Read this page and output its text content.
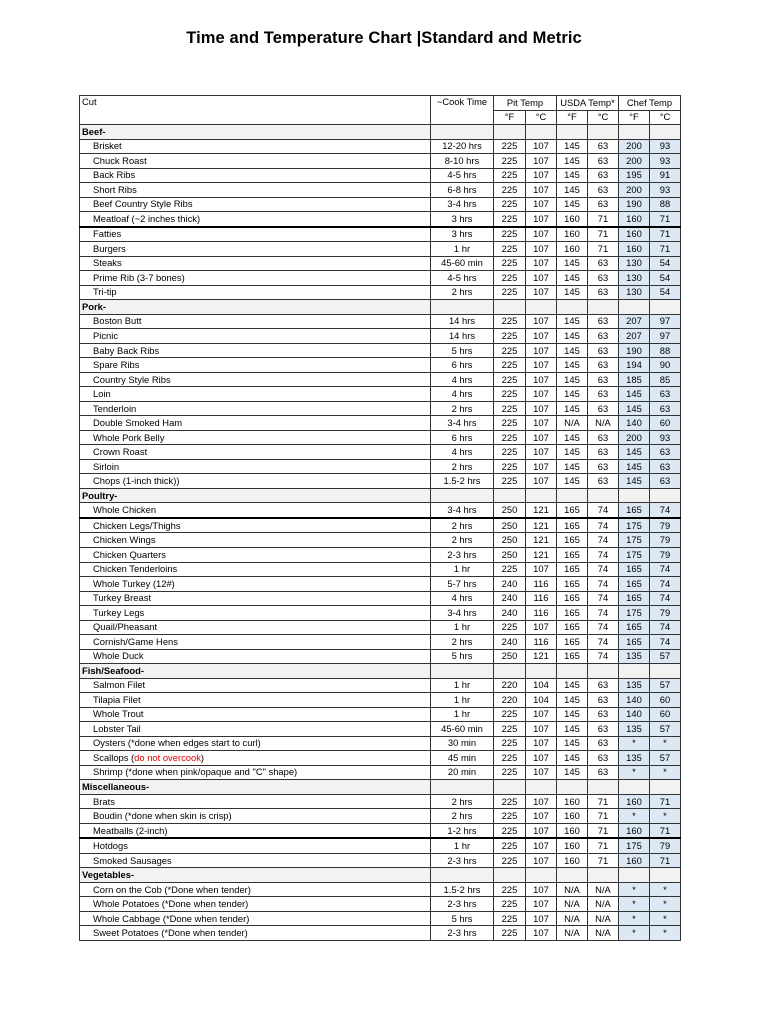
Time and Temperature Chart |Standard and Metric
Cut	~Cook Time	Pit Temp		USDA Temp*		Chef Temp	
		°F	°C	°F	°C	°F	°C
Beef-							
Brisket	12-20 hrs	225	107	145	63	200	93
Chuck Roast	8-10 hrs	225	107	145	63	200	93
Back Ribs	4-5 hrs	225	107	145	63	195	91
Short Ribs	6-8 hrs	225	107	145	63	200	93
Beef Country Style Ribs	3-4 hrs	225	107	145	63	190	88
Meatloaf (~2 inches thick)	3 hrs	225	107	160	71	160	71
Fatties	3 hrs	225	107	160	71	160	71
Burgers	1 hr	225	107	160	71	160	71
Steaks	45-60 min	225	107	145	63	130	54
Prime Rib (3-7 bones)	4-5 hrs	225	107	145	63	130	54
Tri-tip	2 hrs	225	107	145	63	130	54
Pork-							
Boston Butt	14 hrs	225	107	145	63	207	97
Picnic	14 hrs	225	107	145	63	207	97
Baby Back Ribs	5 hrs	225	107	145	63	190	88
Spare Ribs	6 hrs	225	107	145	63	194	90
Country Style Ribs	4 hrs	225	107	145	63	185	85
Loin	4 hrs	225	107	145	63	145	63
Tenderloin	2 hrs	225	107	145	63	145	63
Double Smoked Ham	3-4 hrs	225	107	N/A	N/A	140	60
Whole Pork Belly	6 hrs	225	107	145	63	200	93
Crown Roast	4 hrs	225	107	145	63	145	63
Sirloin	2 hrs	225	107	145	63	145	63
Chops (1-inch thick))	1.5-2 hrs	225	107	145	63	145	63
Poultry-							
Whole Chicken	3-4 hrs	250	121	165	74	165	74
Chicken Legs/Thighs	2 hrs	250	121	165	74	175	79
Chicken Wings	2 hrs	250	121	165	74	175	79
Chicken Quarters	2-3 hrs	250	121	165	74	175	79
Chicken Tenderloins	1 hr	225	107	165	74	165	74
Whole Turkey (12#)	5-7 hrs	240	116	165	74	165	74
Turkey Breast	4 hrs	240	116	165	74	165	74
Turkey Legs	3-4 hrs	240	116	165	74	175	79
Quail/Pheasant	1 hr	225	107	165	74	165	74
Cornish/Game Hens	2 hrs	240	116	165	74	165	74
Whole Duck	5 hrs	250	121	165	74	135	57
Fish/Seafood-							
Salmon Filet	1 hr	220	104	145	63	135	57
Tilapia Filet	1 hr	220	104	145	63	140	60
Whole Trout	1 hr	225	107	145	63	140	60
Lobster Tail	45-60 min	225	107	145	63	135	57
Oysters (*done when edges start to curl)	30 min	225	107	145	63	*	*
Scallops (do not overcook)	45 min	225	107	145	63	135	57
Shrimp (*done when pink/opaque and "C" shape)	20 min	225	107	145	63	*	*
Miscellaneous-							
Brats	2 hrs	225	107	160	71	160	71
Boudin (*done when skin is crisp)	2 hrs	225	107	160	71	*	*
Meatballs (2-inch)	1-2 hrs	225	107	160	71	160	71
Hotdogs	1 hr	225	107	160	71	175	79
Smoked Sausages	2-3 hrs	225	107	160	71	160	71
Vegetables-							
Corn on the Cob (*Done when tender)	1.5-2 hrs	225	107	N/A	N/A	*	*
Whole Potatoes (*Done when tender)	2-3 hrs	225	107	N/A	N/A	*	*
Whole Cabbage (*Done when tender)	5 hrs	225	107	N/A	N/A	*	*
Sweet Potatoes (*Done when tender)	2-3 hrs	225	107	N/A	N/A	*	*
